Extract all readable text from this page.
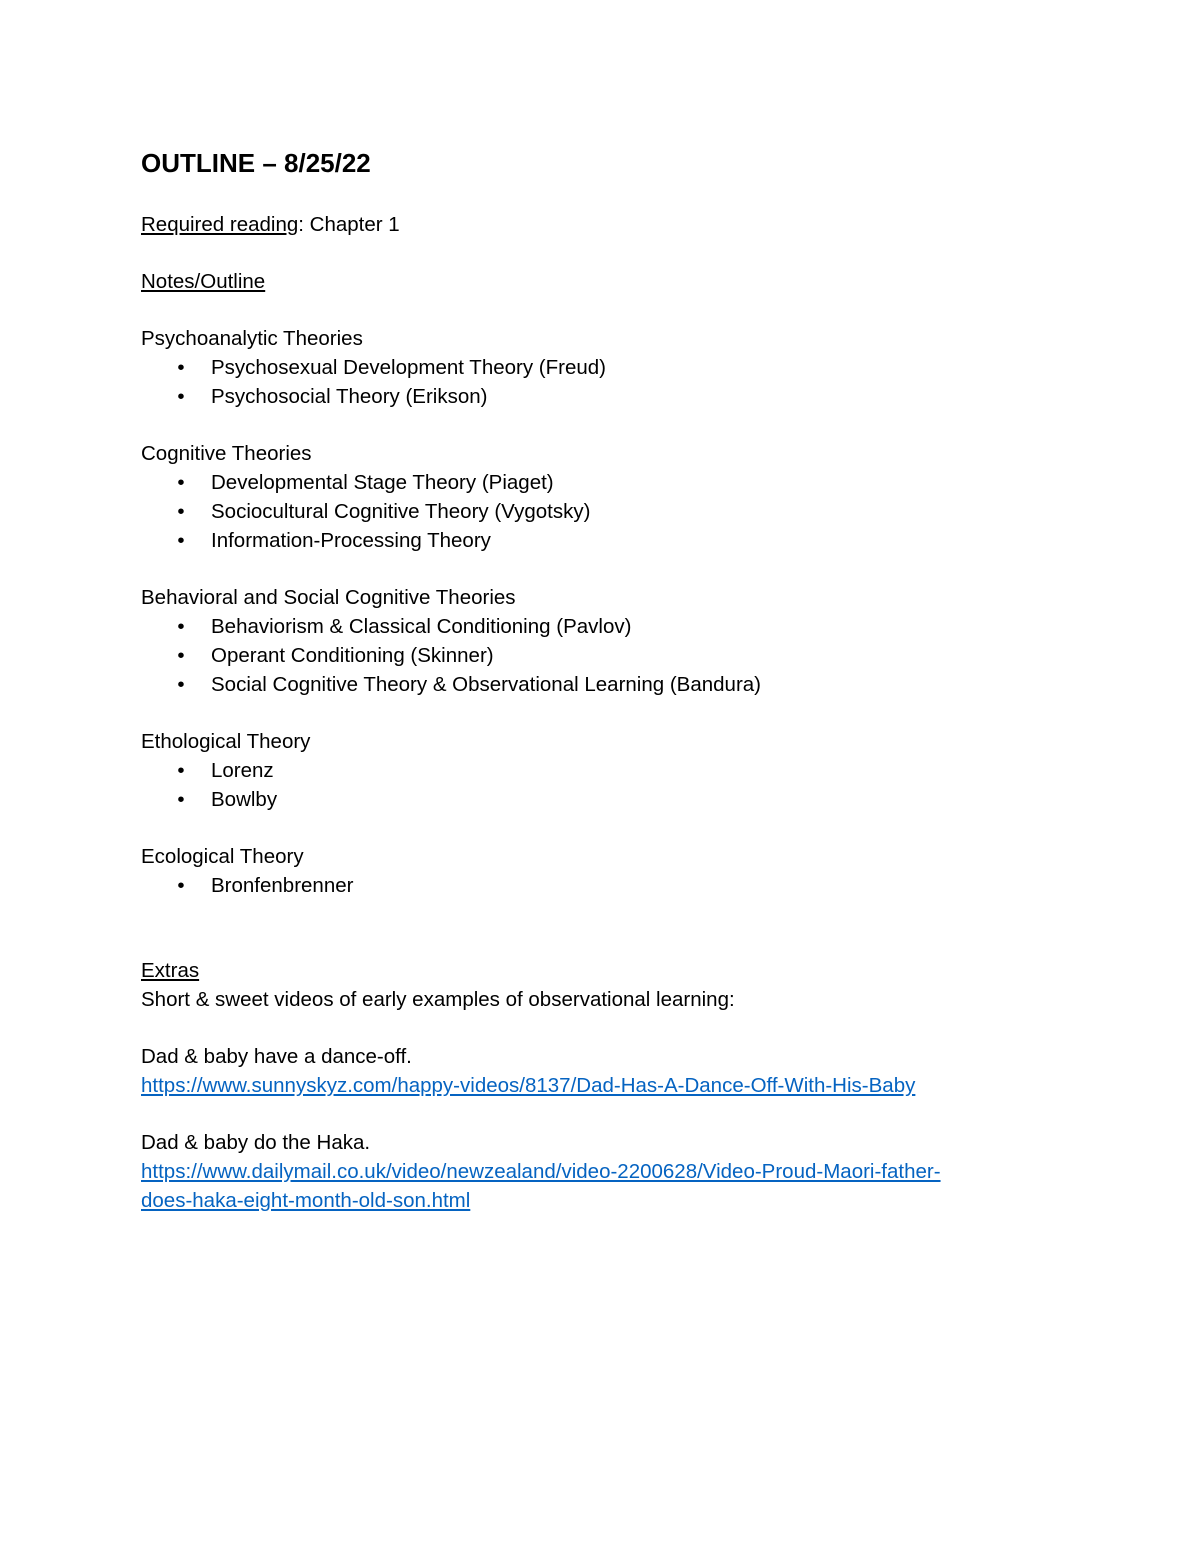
OUTLINE – 8/25/22

Required reading: Chapter 1

Notes/Outline

Psychoanalytic Theories

• Psychosexual Development Theory (Freud)
• Psychosocial Theory (Erikson)

Cognitive Theories

• Developmental Stage Theory (Piaget)
• Sociocultural Cognitive Theory (Vygotsky)
• Information-Processing Theory

Behavioral and Social Cognitive Theories

• Behaviorism & Classical Conditioning (Pavlov)
• Operant Conditioning (Skinner)
• Social Cognitive Theory & Observational Learning (Bandura)

Ethological Theory

• Lorenz
• Bowlby

Ecological Theory

• Bronfenbrenner

Extras

Short & sweet videos of early examples of observational learning:

Dad & baby have a dance-off.

https://www.sunnyskyz.com/happy-videos/8137/Dad-Has-A-Dance-Off-With-His-Baby

Dad & baby do the Haka.

https://www.dailymail.co.uk/video/newzealand/video-2200628/Video-Proud-Maori-father-

does-haka-eight-month-old-son.html
